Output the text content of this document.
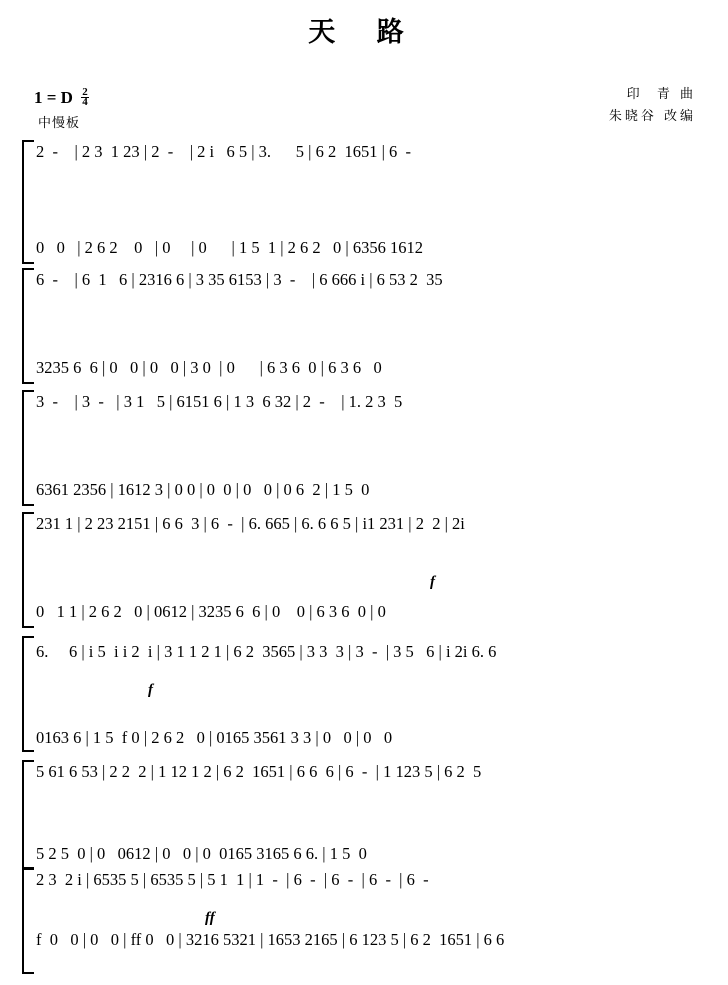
天 路
1 = D $\frac{2}{4}$
中慢板
印  青 曲
朱晓谷 改编
2  -    | 2 3  1 23 | 2  -    | 2 i   6 5 | 3.      5 | 6 2  1651 | 6  -
0   0   | 2 6 2    0   | 0     | 0      | 1 5  1 | 2 6 2   0 | 6356 1612
6  -    | 6  1   6 | 2316 6 | 3 35 6153 | 3  -    | 6 666 i | 6 53 2  35
3235 6  6 | 0   0 | 0   0 | 3 0  | 0      | 6 3 6  0 | 6 3 6   0
3  -    | 3  -   | 3 1   5 | 6151 6 | 1 3  6 32 | 2  -    | 1. 2 3  5
6361 2356 | 1612 3 | 0 0 | 0  0 | 0   0 | 0 6  2 | 1 5  0
231 1 | 2 23 2151 | 6 6  3 | 6  -  | 6. 665 | 6. 6 6 5 | i1 231 | 2  2 | 2i
0   1 1 | 2 6 2   0 | 0612 | 3235 6  6 | 0    0 | 6 3 6  0 | 0
f
6.     6 | i 5  i i 2  i | 3 1 1 2 1 | 6 2  3565 | 3 3  3 | 3  -  | 3 5   6 | i 2i 6. 6
0163 6 | 1 5  f 0 | 2 6 2   0 | 0165 3561 3 3 | 0   0 | 0   0
f
5 61 6 53 | 2 2  2 | 1 12 1 2 | 6 2  1651 | 6 6  6 | 6  -  | 1 123 5 | 6 2  5
5 2 5  0 | 0   0612 | 0   0 | 0  0165 3165 6 6. | 1 5  0
2 3  2 i | 6535 5 | 6535 5 | 5 1  1 | 1  -  | 6  -  | 6  -  | 6  -  | 6  -
f  0   0 | 0   0 | ff 0   0 | 3216 5321 | 1653 2165 | 6 123 5 | 6 2  1651 | 6 6
ff
